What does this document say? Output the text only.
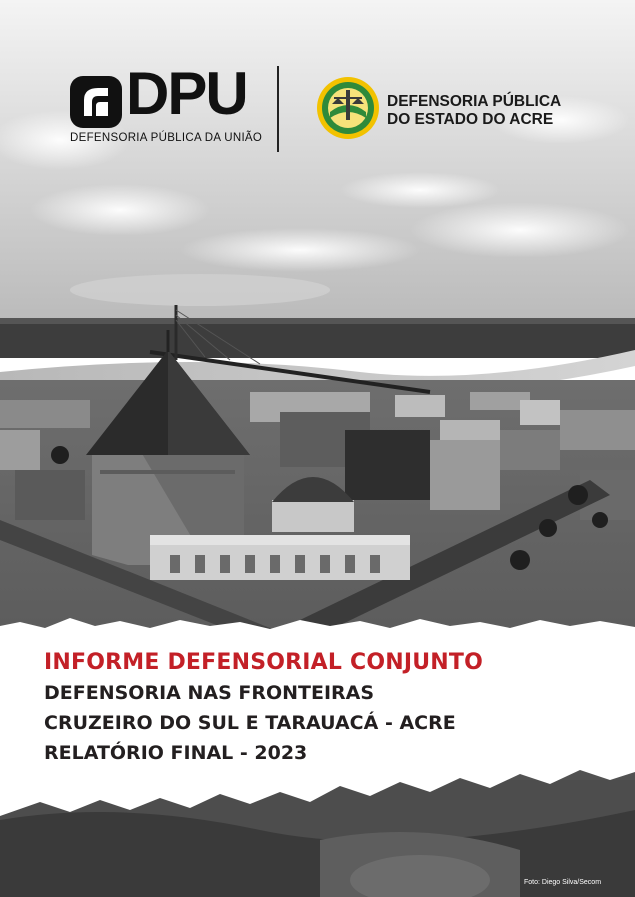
DPU
DEFENSORIA PÚBLICA DA UNIÃO
DEFENSORIA PÚBLICA
DO ESTADO DO ACRE
INFORME DEFENSORIAL CONJUNTO
DEFENSORIA NAS FRONTEIRAS
CRUZEIRO DO SUL E TARAUACÁ - ACRE
RELATÓRIO FINAL - 2023
Foto: Diego Silva/Secom
